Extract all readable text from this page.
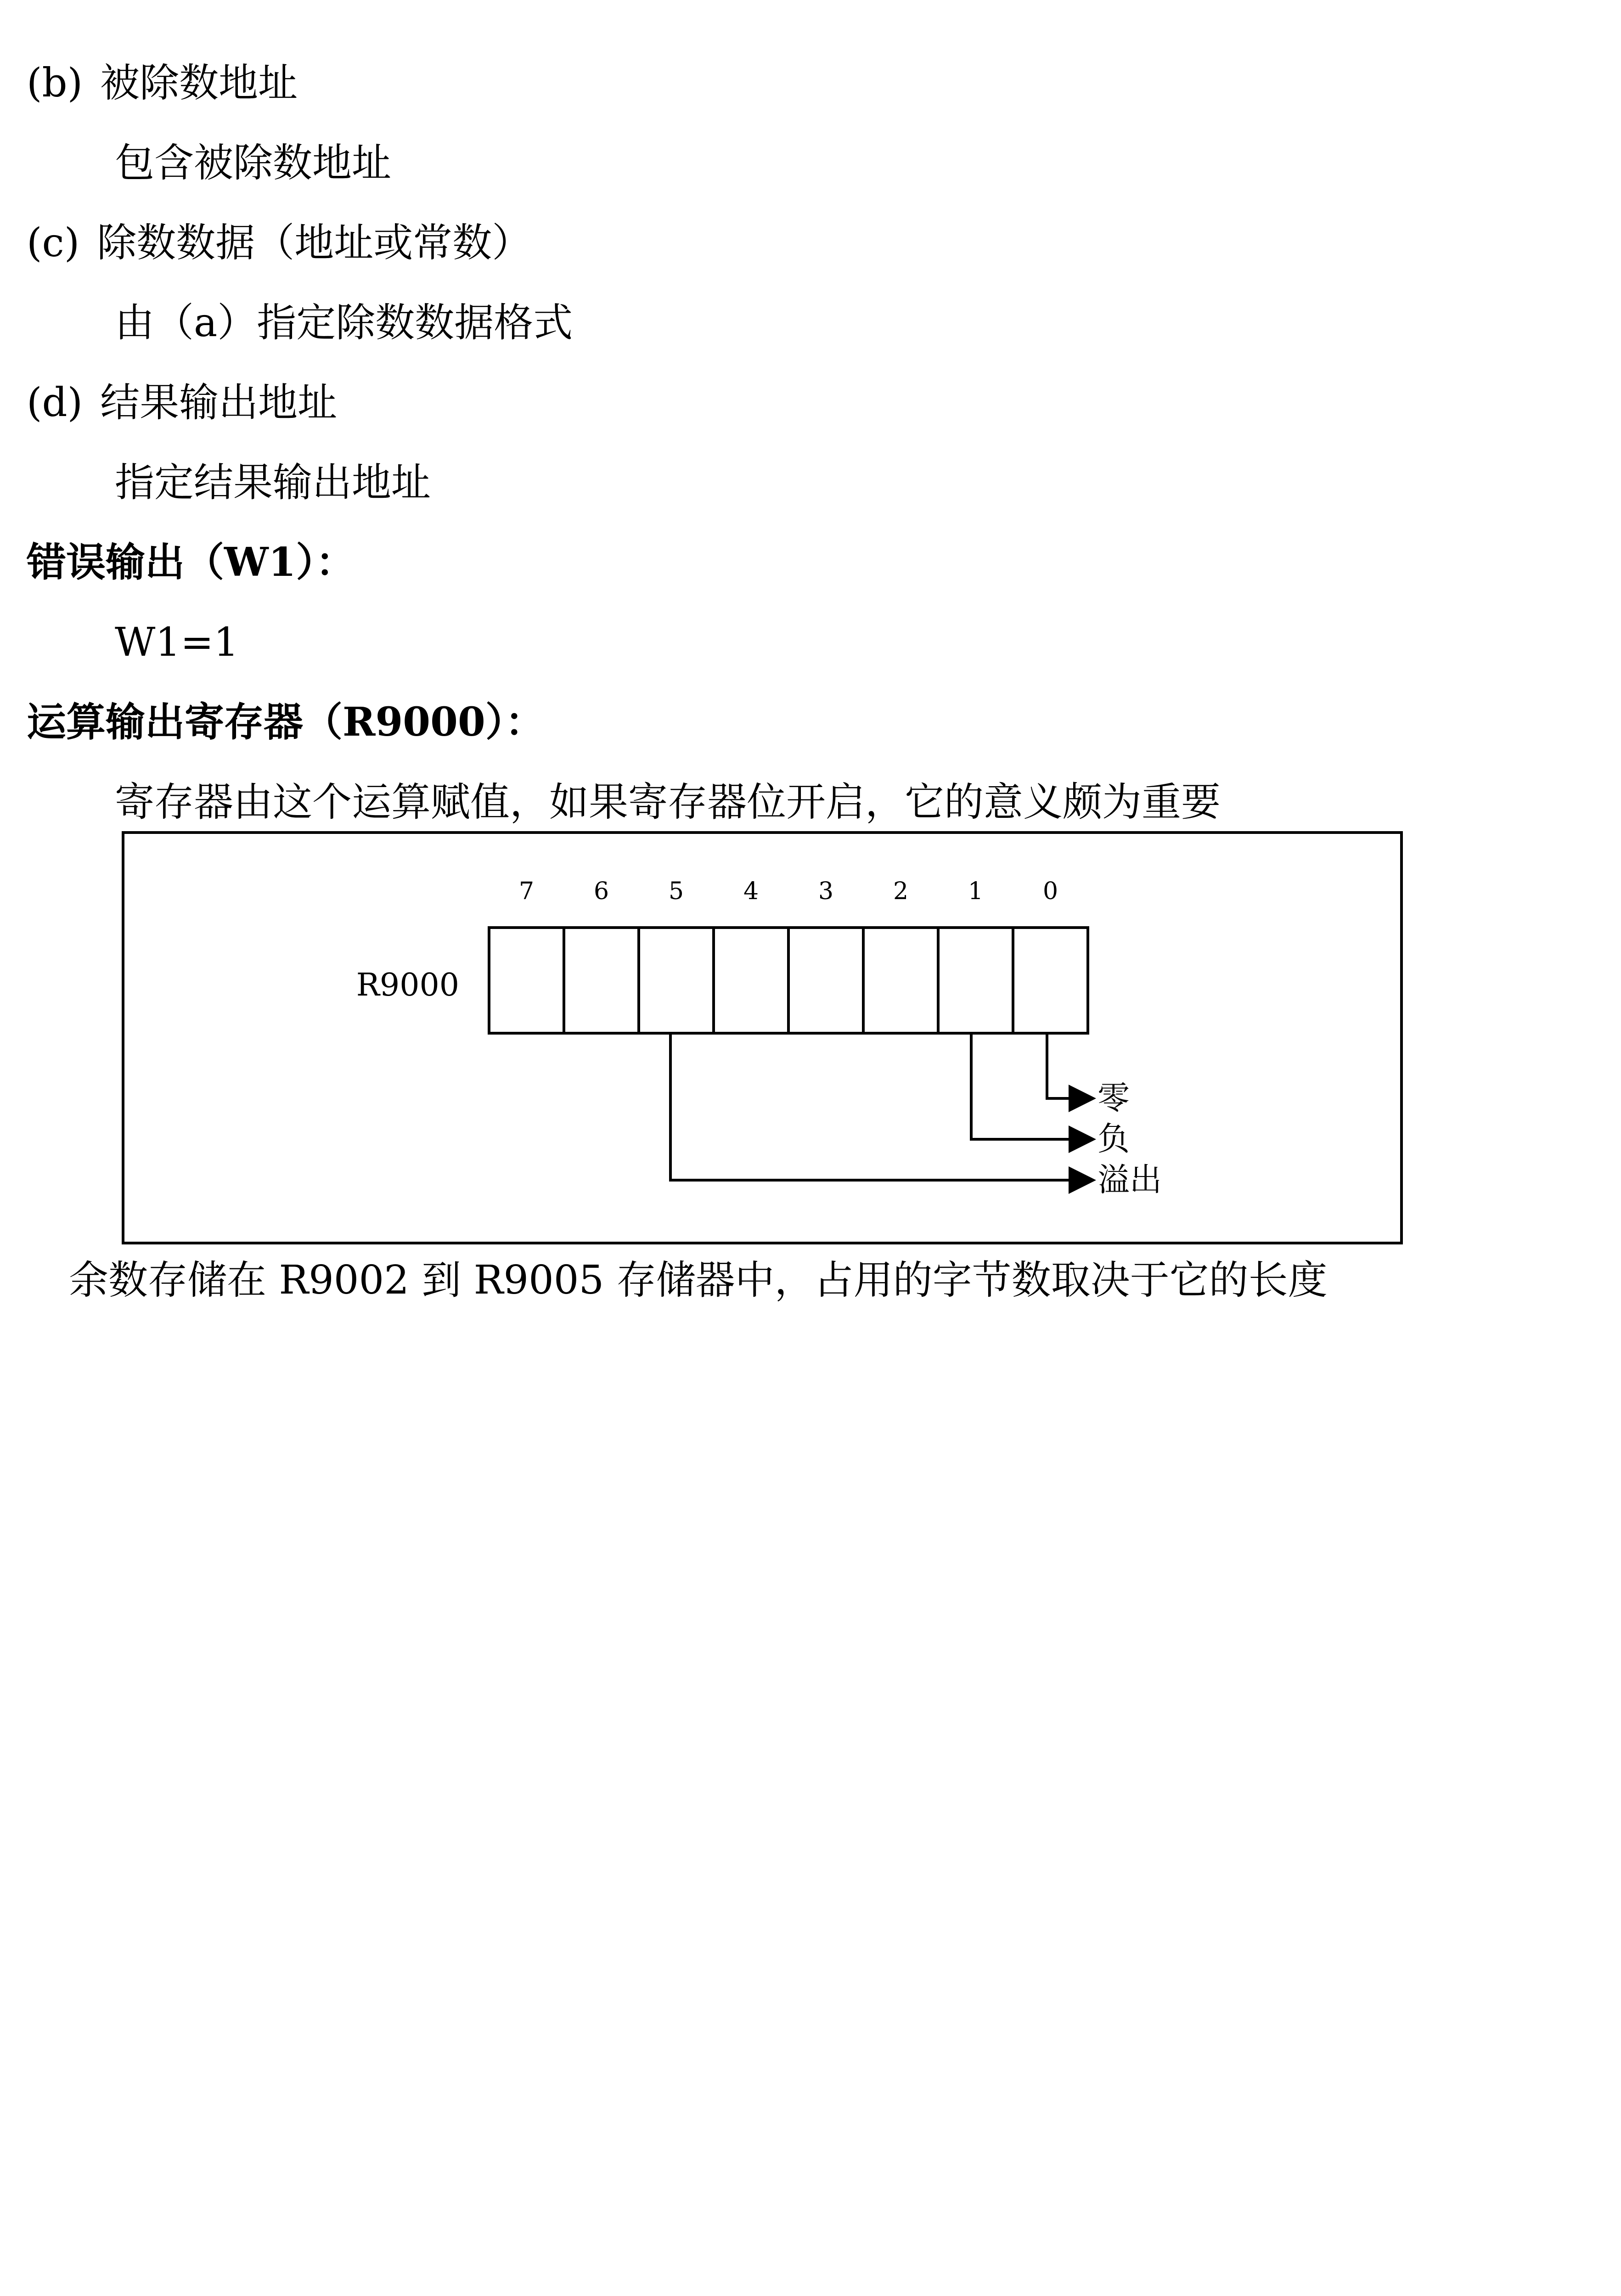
(b) 被除数地址
包含被除数地址
(c) 除数数据（地址或常数）
由（a）指定除数数据格式
(d) 结果输出地址
指定结果输出地址
错误输出（W1）：
W1=1
运算输出寄存器（R9000）：
寄存器由这个运算赋值，如果寄存器位开启，它的意义颇为重要
7 6 5 4 3 2 1 0
R9000
零
负
溢出
余数存储在 R9002 到 R9005 存储器中，占用的字节数取决于它的长度
